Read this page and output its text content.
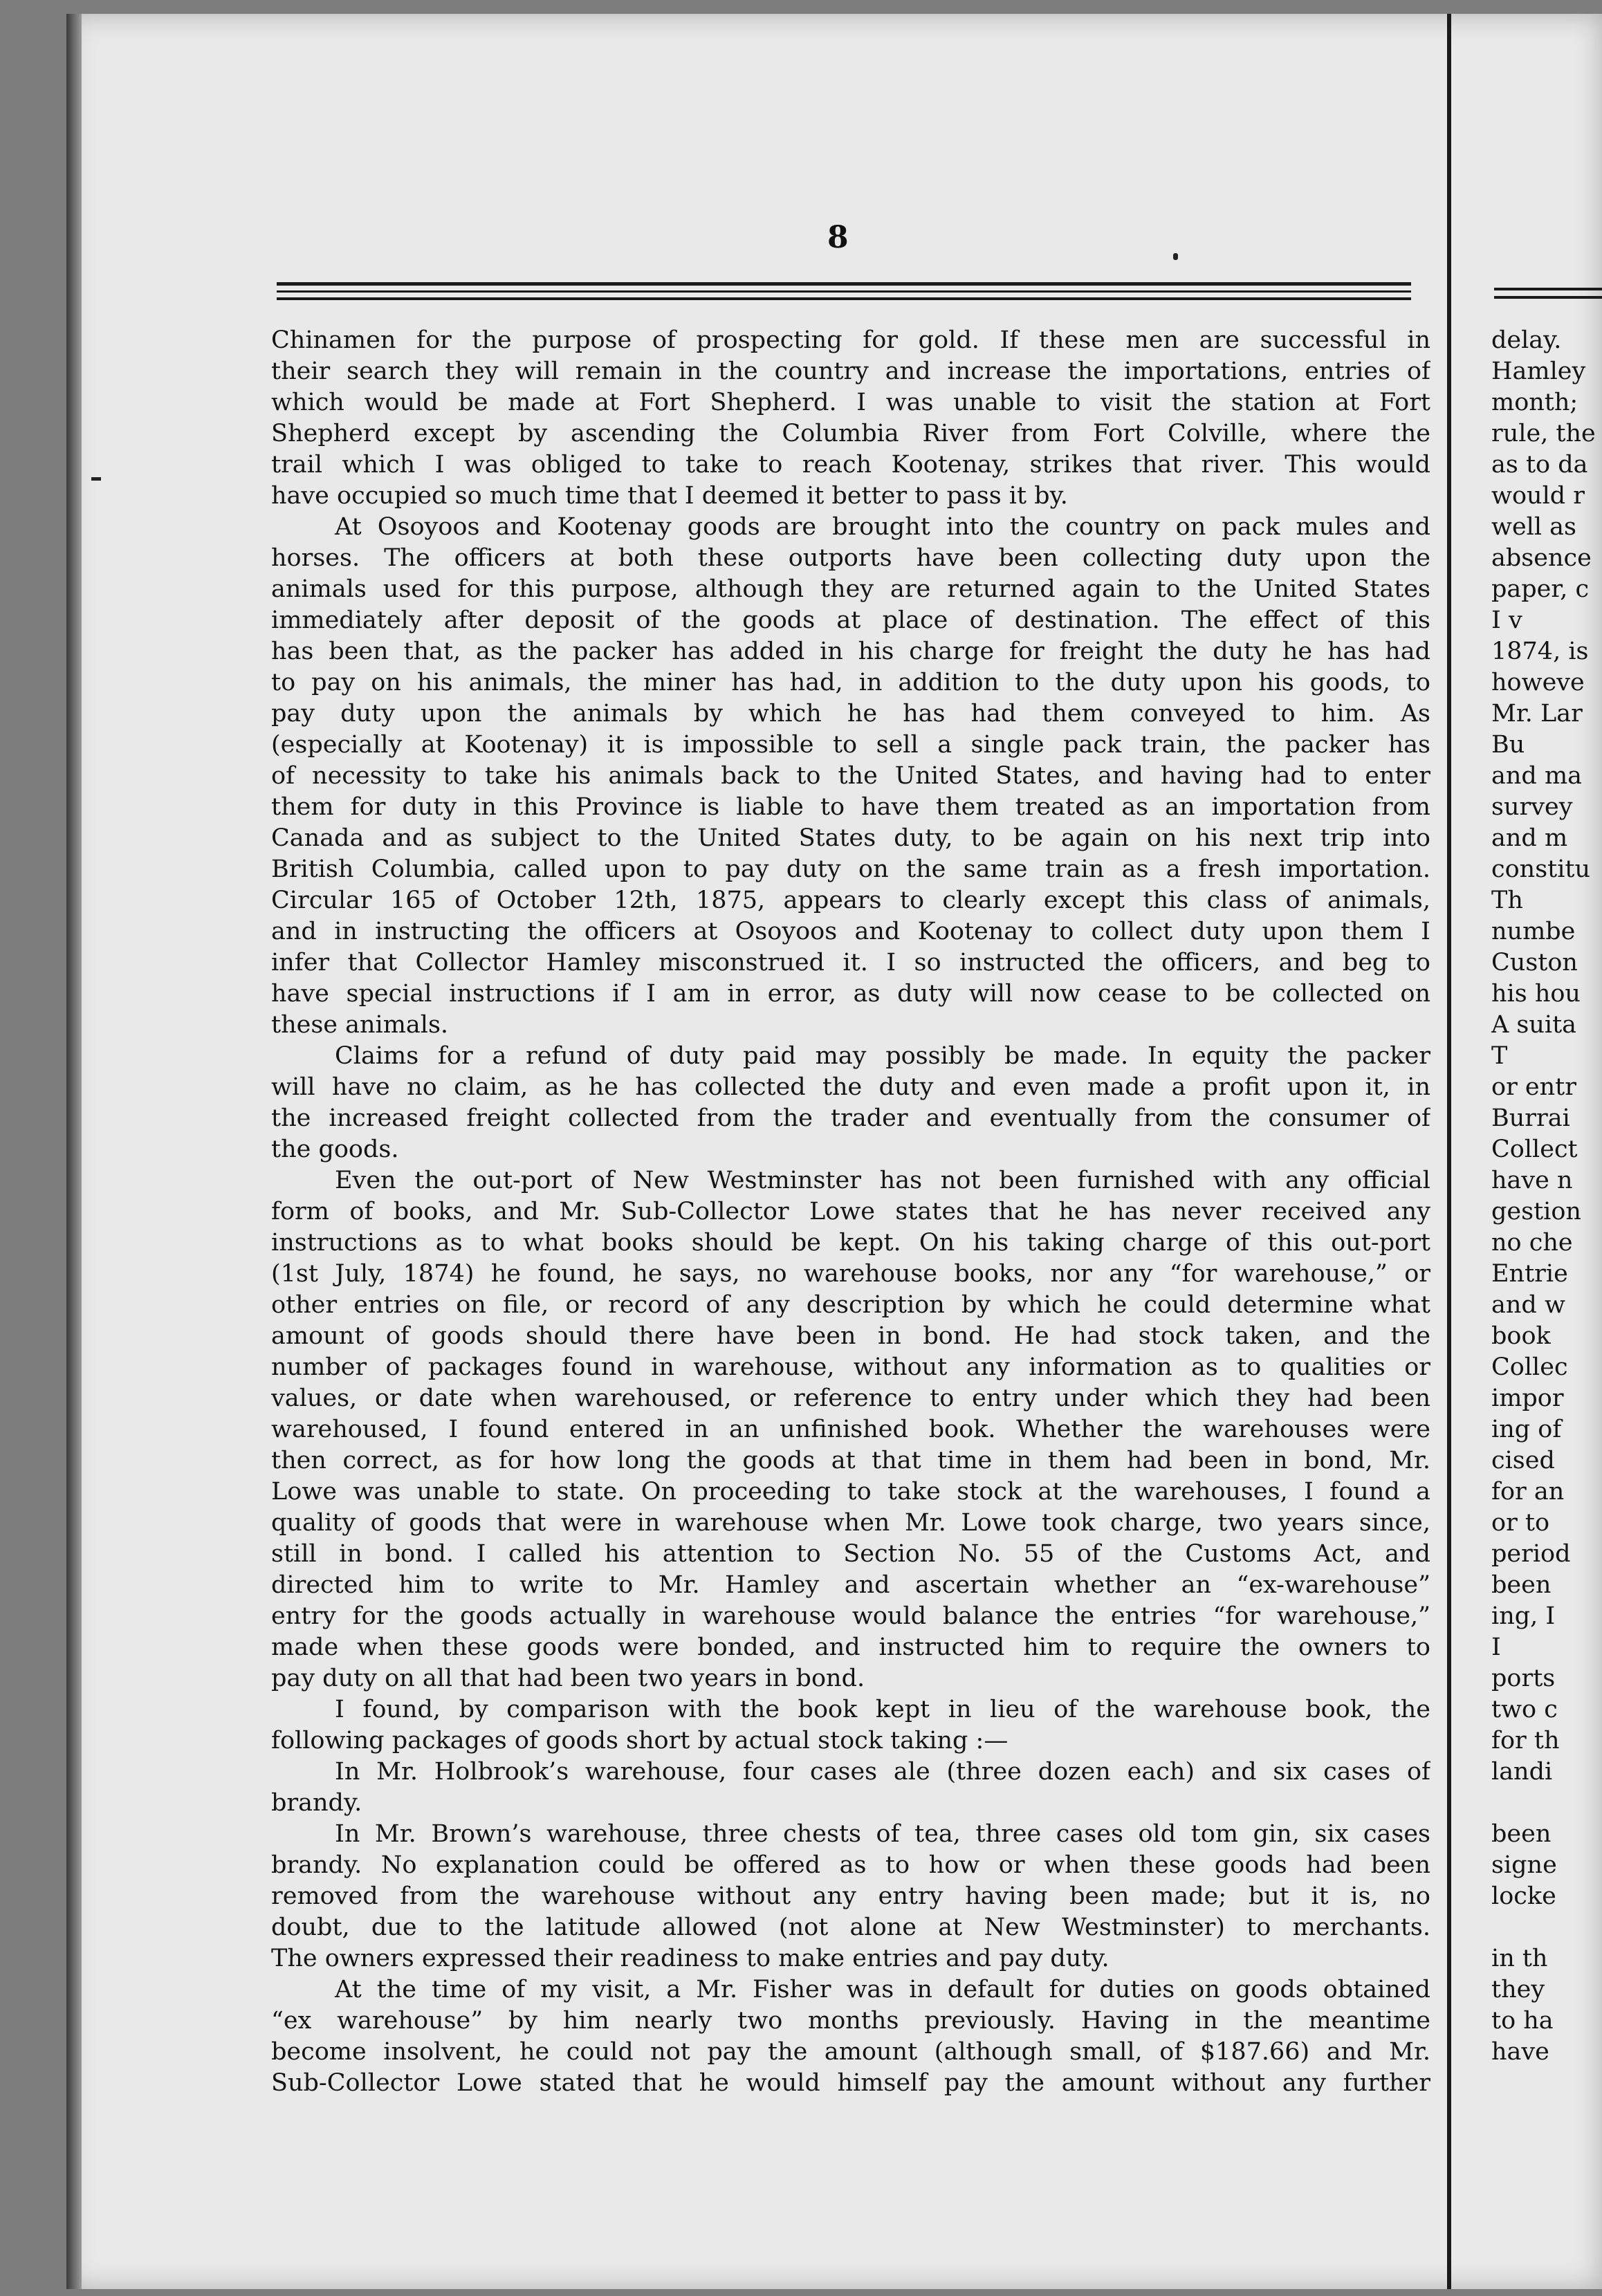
8
Chinamen for the purpose of prospecting for gold. If these men are successful in
their search they will remain in the country and increase the importations, entries of
which would be made at Fort Shepherd. I was unable to visit the station at Fort
Shepherd except by ascending the Columbia River from Fort Colville, where the
trail which I was obliged to take to reach Kootenay, strikes that river. This would
have occupied so much time that I deemed it better to pass it by.
At Osoyoos and Kootenay goods are brought into the country on pack mules and
horses. The officers at both these outports have been collecting duty upon the
animals used for this purpose, although they are returned again to the United States
immediately after deposit of the goods at place of destination. The effect of this
has been that, as the packer has added in his charge for freight the duty he has had
to pay on his animals, the miner has had, in addition to the duty upon his goods, to
pay duty upon the animals by which he has had them conveyed to him. As
(especially at Kootenay) it is impossible to sell a single pack train, the packer has
of necessity to take his animals back to the United States, and having had to enter
them for duty in this Province is liable to have them treated as an importation from
Canada and as subject to the United States duty, to be again on his next trip into
British Columbia, called upon to pay duty on the same train as a fresh importation.
Circular 165 of October 12th, 1875, appears to clearly except this class of animals,
and in instructing the officers at Osoyoos and Kootenay to collect duty upon them I
infer that Collector Hamley misconstrued it. I so instructed the officers, and beg to
have special instructions if I am in error, as duty will now cease to be collected on
these animals.
Claims for a refund of duty paid may possibly be made. In equity the packer
will have no claim, as he has collected the duty and even made a profit upon it, in
the increased freight collected from the trader and eventually from the consumer of
the goods.
Even the out-port of New Westminster has not been furnished with any official
form of books, and Mr. Sub-Collector Lowe states that he has never received any
instructions as to what books should be kept. On his taking charge of this out-port
(1st July, 1874) he found, he says, no warehouse books, nor any “for warehouse,” or
other entries on file, or record of any description by which he could determine what
amount of goods should there have been in bond. He had stock taken, and the
number of packages found in warehouse, without any information as to qualities or
values, or date when warehoused, or reference to entry under which they had been
warehoused, I found entered in an unfinished book. Whether the warehouses were
then correct, as for how long the goods at that time in them had been in bond, Mr.
Lowe was unable to state. On proceeding to take stock at the warehouses, I found a
quality of goods that were in warehouse when Mr. Lowe took charge, two years since,
still in bond. I called his attention to Section No. 55 of the Customs Act, and
directed him to write to Mr. Hamley and ascertain whether an “ex-warehouse”
entry for the goods actually in warehouse would balance the entries “for warehouse,”
made when these goods were bonded, and instructed him to require the owners to
pay duty on all that had been two years in bond.
I found, by comparison with the book kept in lieu of the warehouse book, the
following packages of goods short by actual stock taking :—
In Mr. Holbrook’s warehouse, four cases ale (three dozen each) and six cases of
brandy.
In Mr. Brown’s warehouse, three chests of tea, three cases old tom gin, six cases
brandy. No explanation could be offered as to how or when these goods had been
removed from the warehouse without any entry having been made; but it is, no
doubt, due to the latitude allowed (not alone at New Westminster) to merchants.
The owners expressed their readiness to make entries and pay duty.
At the time of my visit, a Mr. Fisher was in default for duties on goods obtained
“ex warehouse” by him nearly two months previously. Having in the meantime
become insolvent, he could not pay the amount (although small, of $187.66) and Mr.
Sub-Collector Lowe stated that he would himself pay the amount without any further
delay.
Hamley
month;
rule, the
as to da
would r
well as
absence
paper, c
I v
1874, is
howeve
Mr. Lar
Bu
and ma
survey
and m
constitu
Th
numbe
Custon
his hou
A suita
T
or entr
Burrai
Collect
have n
gestion
no che
Entrie
and w
book
Collec
impor
ing of
cised
for an
or to
period
been
ing, I
I
ports
two c
for th
landi
been
signe
locke
in th
they
to ha
have
